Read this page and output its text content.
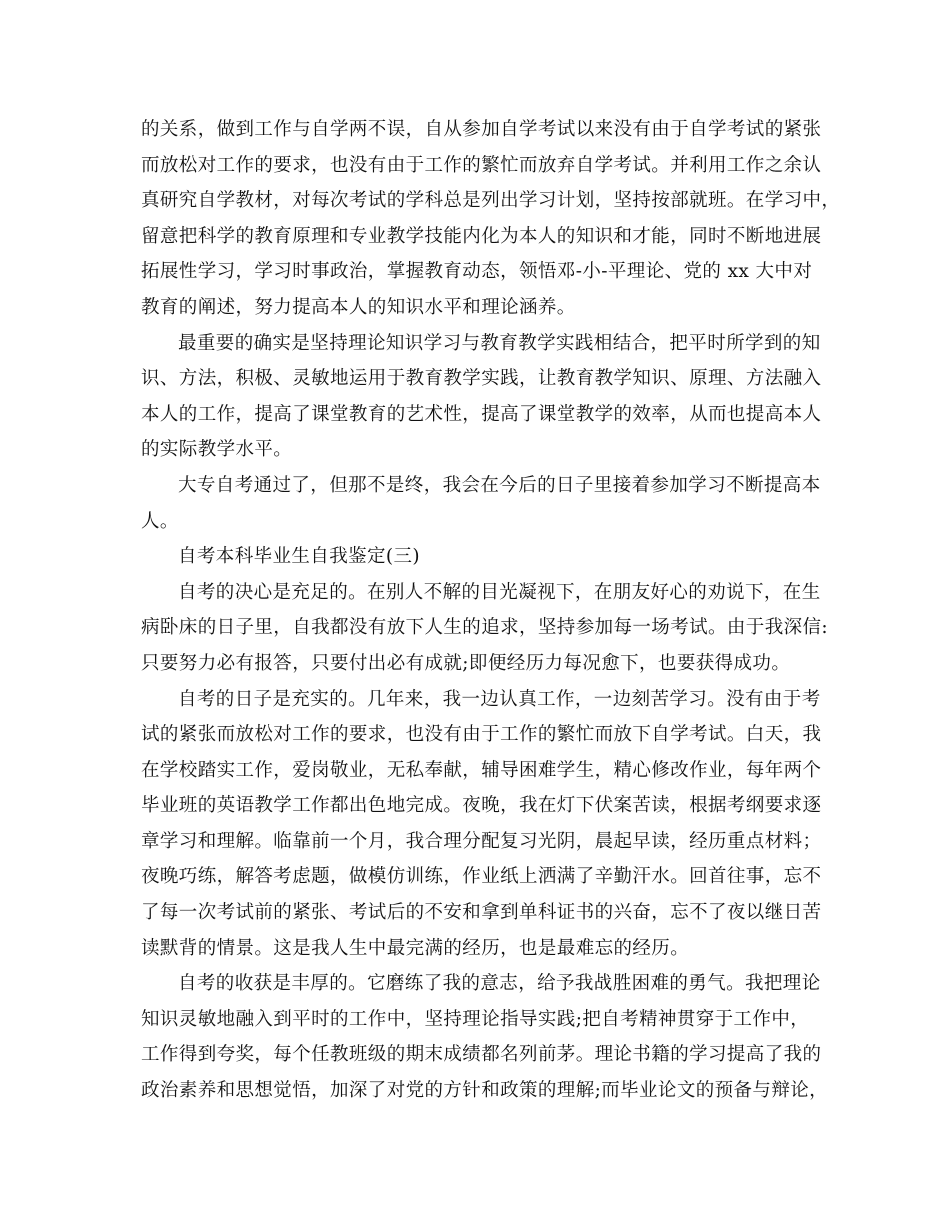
的关系，做到工作与自学两不误，自从参加自学考试以来没有由于自学考试的紧张
而放松对工作的要求，也没有由于工作的繁忙而放弃自学考试。并利用工作之余认
真研究自学教材，对每次考试的学科总是列出学习计划，坚持按部就班。在学习中，
留意把科学的教育原理和专业教学技能内化为本人的知识和才能，同时不断地进展
拓展性学习，学习时事政治，掌握教育动态，领悟邓-小-平理论、党的 xx 大中对
教育的阐述，努力提高本人的知识水平和理论涵养。
最重要的确实是坚持理论知识学习与教育教学实践相结合，把平时所学到的知
识、方法，积极、灵敏地运用于教育教学实践，让教育教学知识、原理、方法融入
本人的工作，提高了课堂教育的艺术性，提高了课堂教学的效率，从而也提高本人
的实际教学水平。
大专自考通过了，但那不是终，我会在今后的日子里接着参加学习不断提高本
人。
自考本科毕业生自我鉴定(三)
自考的决心是充足的。在别人不解的目光凝视下，在朋友好心的劝说下，在生
病卧床的日子里，自我都没有放下人生的追求，坚持参加每一场考试。由于我深信:
只要努力必有报答，只要付出必有成就;即便经历力每况愈下，也要获得成功。
自考的日子是充实的。几年来，我一边认真工作，一边刻苦学习。没有由于考
试的紧张而放松对工作的要求，也没有由于工作的繁忙而放下自学考试。白天，我
在学校踏实工作，爱岗敬业，无私奉献，辅导困难学生，精心修改作业，每年两个
毕业班的英语教学工作都出色地完成。夜晚，我在灯下伏案苦读，根据考纲要求逐
章学习和理解。临靠前一个月，我合理分配复习光阴，晨起早读，经历重点材料；
夜晚巧练，解答考虑题，做模仿训练，作业纸上洒满了辛勤汗水。回首往事，忘不
了每一次考试前的紧张、考试后的不安和拿到单科证书的兴奋，忘不了夜以继日苦
读默背的情景。这是我人生中最完满的经历，也是最难忘的经历。
自考的收获是丰厚的。它磨练了我的意志，给予我战胜困难的勇气。我把理论
知识灵敏地融入到平时的工作中，坚持理论指导实践;把自考精神贯穿于工作中，
工作得到夸奖，每个任教班级的期末成绩都名列前茅。理论书籍的学习提高了我的
政治素养和思想觉悟，加深了对党的方针和政策的理解;而毕业论文的预备与辩论，
